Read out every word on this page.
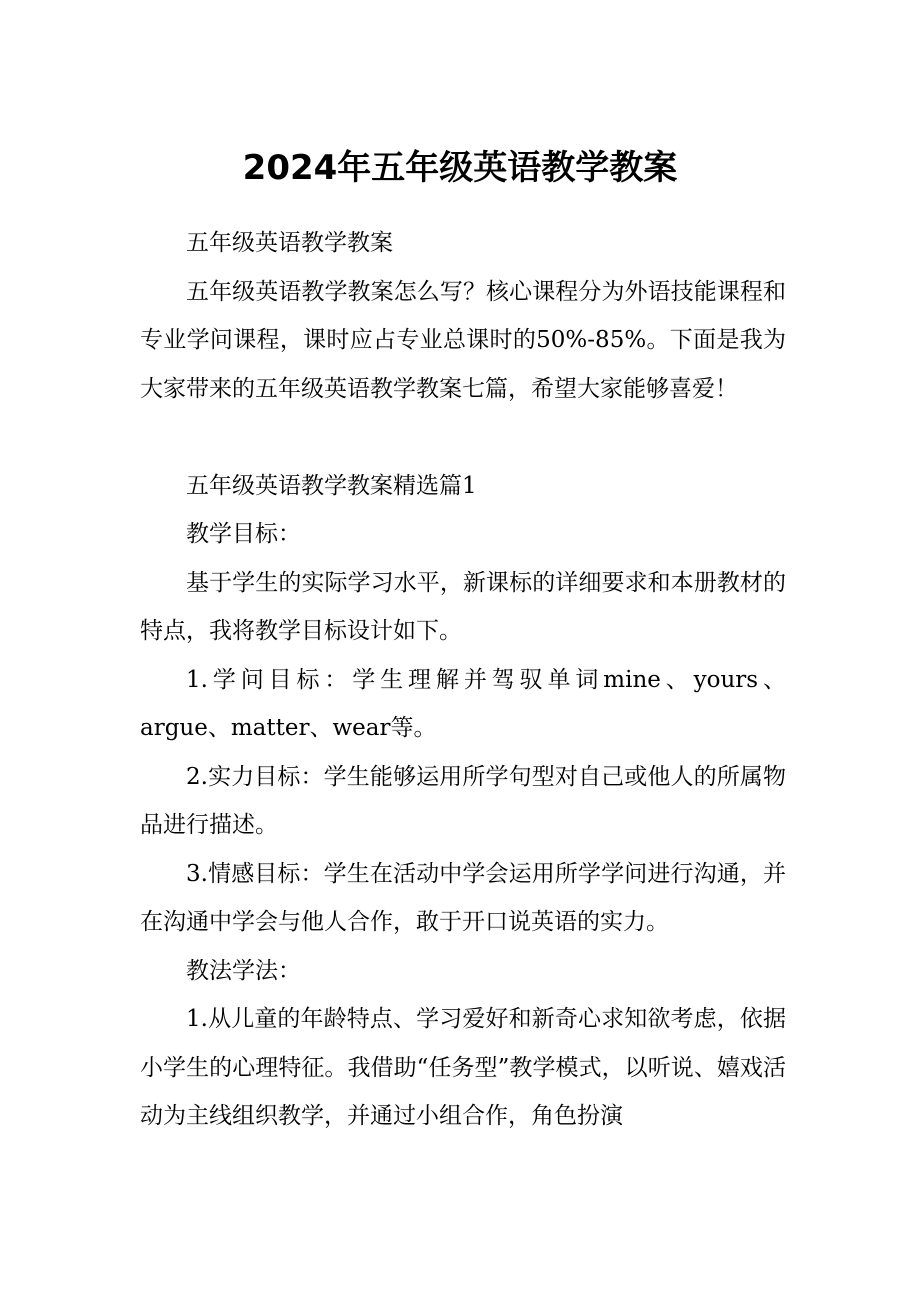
2024年五年级英语教学教案

五年级英语教学教案

五年级英语教学教案怎么写？核心课程分为外语技能课程和专业学问课程，课时应占专业总课时的50%-85%。下面是我为大家带来的五年级英语教学教案七篇，希望大家能够喜爱！

五年级英语教学教案精选篇1

教学目标：

基于学生的实际学习水平，新课标的详细要求和本册教材的特点，我将教学目标设计如下。

1.学问目标：学生理解并驾驭单词mine、yours、argue、matter、wear等。

2.实力目标：学生能够运用所学句型对自己或他人的所属物品进行描述。

3.情感目标：学生在活动中学会运用所学学问进行沟通，并在沟通中学会与他人合作，敢于开口说英语的实力。

教法学法：

1.从儿童的年龄特点、学习爱好和新奇心求知欲考虑，依据小学生的心理特征。我借助“任务型”教学模式，以听说、嬉戏活动为主线组织教学，并通过小组合作，角色扮演
